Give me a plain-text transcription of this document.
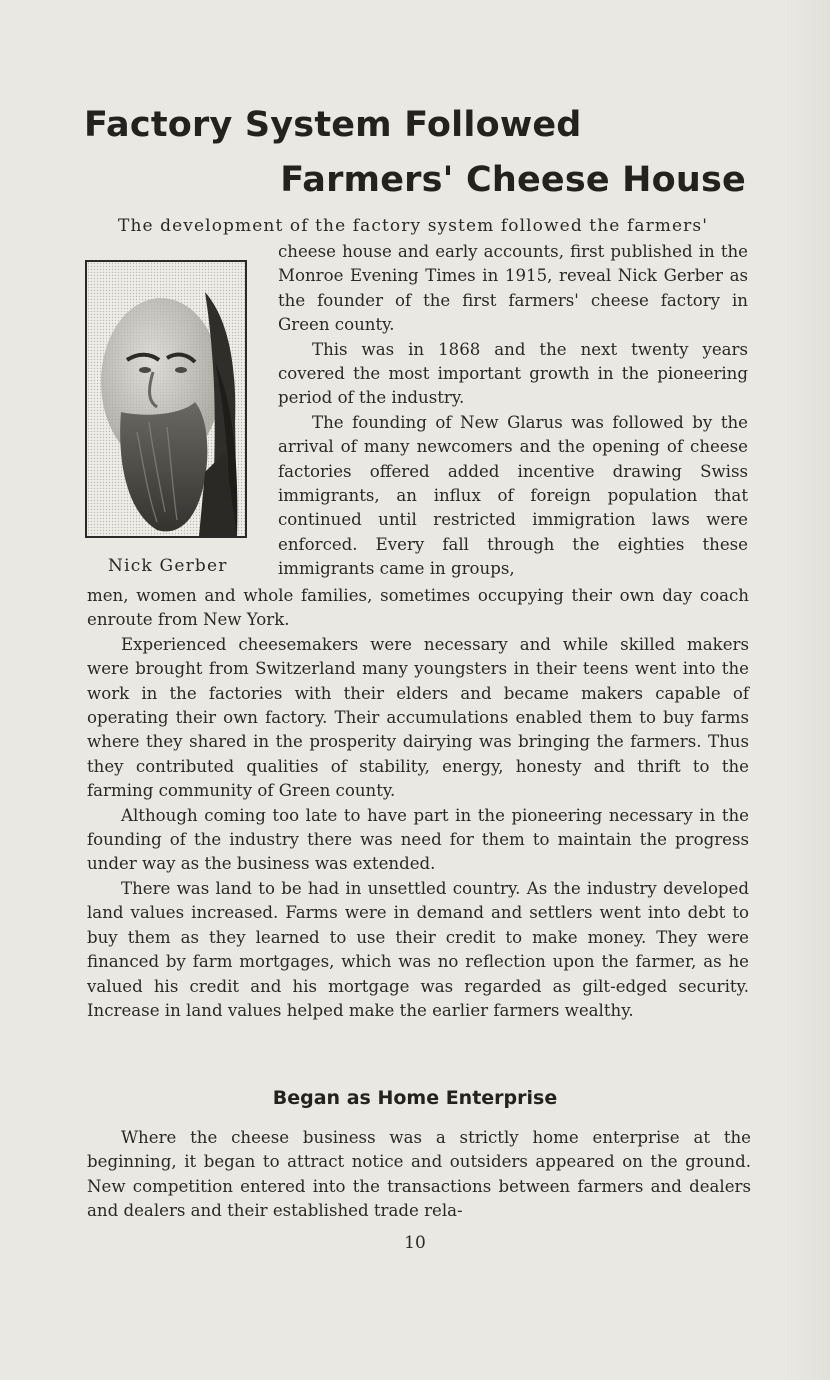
Factory System Followed
Farmers' Cheese House

The development of the factory system followed the farmers'

Nick Gerber

cheese house and early accounts, first published in the Monroe Evening Times in 1915, reveal Nick Gerber as the founder of the first farmers' cheese factory in Green county.

This was in 1868 and the next twenty years covered the most important growth in the pioneering period of the industry.

The founding of New Glarus was followed by the arrival of many newcomers and the opening of cheese factories offered added incentive drawing Swiss immigrants, an influx of foreign population that continued until restricted immigration laws were enforced. Every fall through the eighties these immigrants came in groups,

men, women and whole families, sometimes occupying their own day coach enroute from New York.

Experienced cheesemakers were necessary and while skilled makers were brought from Switzerland many youngsters in their teens went into the work in the factories with their elders and became makers capable of operating their own factory. Their accumulations enabled them to buy farms where they shared in the prosperity dairying was bringing the farmers. Thus they contributed qualities of stability, energy, honesty and thrift to the farming community of Green county.

Although coming too late to have part in the pioneering necessary in the founding of the industry there was need for them to maintain the progress under way as the business was extended.

There was land to be had in unsettled country. As the industry developed land values increased. Farms were in demand and settlers went into debt to buy them as they learned to use their credit to make money. They were financed by farm mortgages, which was no reflection upon the farmer, as he valued his credit and his mortgage was regarded as gilt-edged security. Increase in land values helped make the earlier farmers wealthy.

Began as Home Enterprise

Where the cheese business was a strictly home enterprise at the beginning, it began to attract notice and outsiders appeared on the ground. New competition entered into the transactions between farmers and dealers and dealers and their established trade rela-

10
